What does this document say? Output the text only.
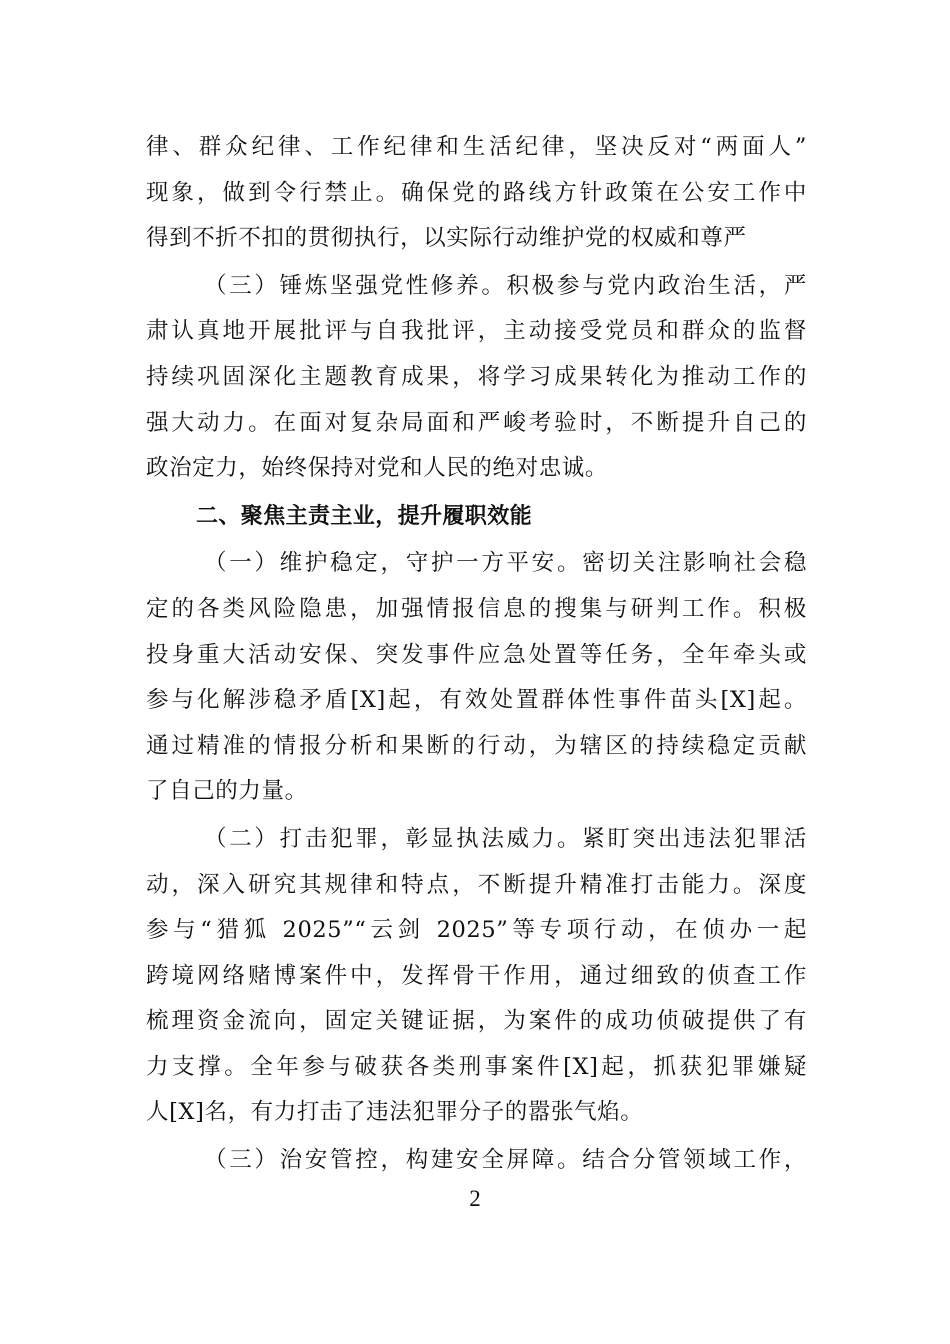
律、群众纪律、工作纪律和生活纪律，坚决反对“两面人”
现象，做到令行禁止。确保党的路线方针政策在公安工作中
得到不折不扣的贯彻执行，以实际行动维护党的权威和尊严
（三）锤炼坚强党性修养。积极参与党内政治生活，严
肃认真地开展批评与自我批评，主动接受党员和群众的监督
持续巩固深化主题教育成果，将学习成果转化为推动工作的
强大动力。在面对复杂局面和严峻考验时，不断提升自己的
政治定力，始终保持对党和人民的绝对忠诚。
二、聚焦主责主业，提升履职效能
（一）维护稳定，守护一方平安。密切关注影响社会稳
定的各类风险隐患，加强情报信息的搜集与研判工作。积极
投身重大活动安保、突发事件应急处置等任务，全年牵头或
参与化解涉稳矛盾[X]起，有效处置群体性事件苗头[X]起。
通过精准的情报分析和果断的行动，为辖区的持续稳定贡献
了自己的力量。
（二）打击犯罪，彰显执法威力。紧盯突出违法犯罪活
动，深入研究其规律和特点，不断提升精准打击能力。深度
参与“猎狐 2025”“云剑 2025”等专项行动，在侦办一起
跨境网络赌博案件中，发挥骨干作用，通过细致的侦查工作
梳理资金流向，固定关键证据，为案件的成功侦破提供了有
力支撑。全年参与破获各类刑事案件[X]起，抓获犯罪嫌疑
人[X]名，有力打击了违法犯罪分子的嚣张气焰。
（三）治安管控，构建安全屏障。结合分管领域工作，
2
